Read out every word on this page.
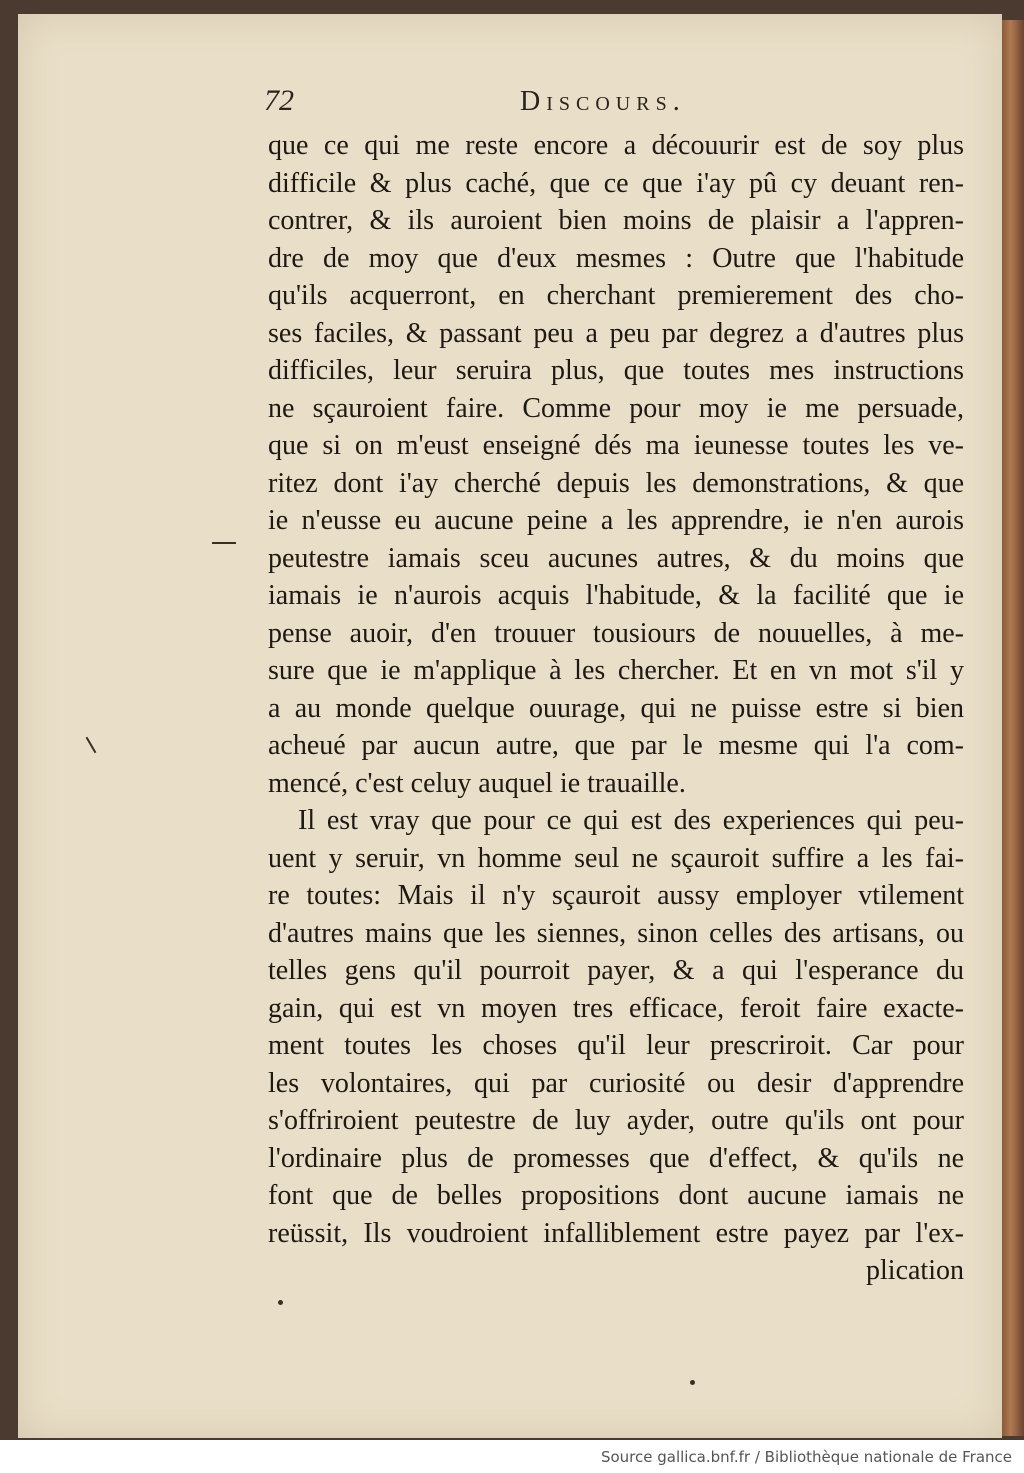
72	Discours.
que ce qui me reste encore a découurir est de soy plus
difficile & plus caché, que ce que i'ay pû cy deuant ren-
contrer, & ils auroient bien moins de plaisir a l'appren-
dre de moy que d'eux mesmes : Outre que l'habitude
qu'ils acquerront, en cherchant premierement des cho-
ses faciles, & passant peu a peu par degrez a d'autres plus
difficiles, leur seruira plus, que toutes mes instructions
ne sçauroient faire. Comme pour moy ie me persuade,
que si on m'eust enseigné dés ma ieunesse toutes les ve-
ritez dont i'ay cherché depuis les demonstrations, & que
ie n'eusse eu aucune peine a les apprendre, ie n'en aurois
peutestre iamais sceu aucunes autres, & du moins que
iamais ie n'aurois acquis l'habitude, & la facilité que ie
pense auoir, d'en trouuer tousiours de nouuelles, à me-
sure que ie m'applique à les chercher. Et en vn mot s'il y
a au monde quelque ouurage, qui ne puisse estre si bien
acheué par aucun autre, que par le mesme qui l'a com-
mencé, c'est celuy auquel ie trauaille.
Il est vray que pour ce qui est des experiences qui peu-
uent y seruir, vn homme seul ne sçauroit suffire a les fai-
re toutes: Mais il n'y sçauroit aussy employer vtilement
d'autres mains que les siennes, sinon celles des artisans, ou
telles gens qu'il pourroit payer, & a qui l'esperance du
gain, qui est vn moyen tres efficace, feroit faire exacte-
ment toutes les choses qu'il leur prescriroit. Car pour
les volontaires, qui par curiosité ou desir d'apprendre
s'offriroient peutestre de luy ayder, outre qu'ils ont pour
l'ordinaire plus de promesses que d'effect, & qu'ils ne
font que de belles propositions dont aucune iamais ne
reüssit, Ils voudroient infalliblement estre payez par l'ex-
plication
Source gallica.bnf.fr / Bibliothèque nationale de France
